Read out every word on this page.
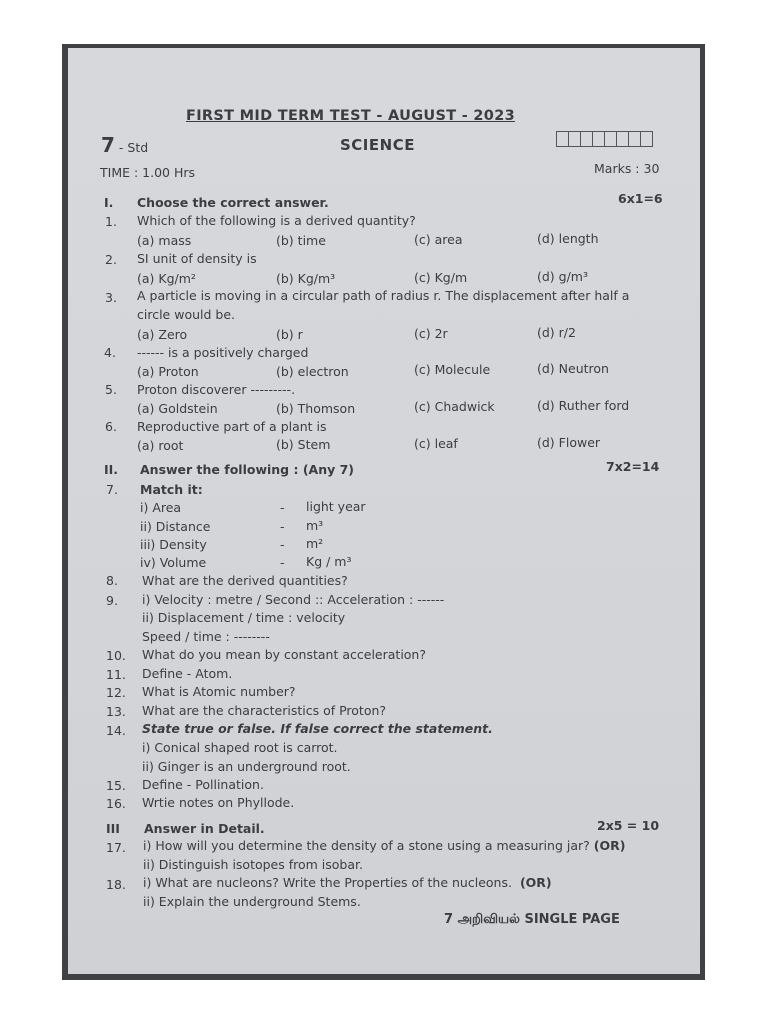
FIRST MID TERM TEST - AUGUST - 2023
7 - Std	SCIENCE
TIME : 1.00 Hrs	Marks : 30
I. Choose the correct answer.	6x1=6
1. Which of the following is a derived quantity?
(a) mass	(b) time	(c) area	(d) length
2. SI unit of density is
(a) Kg/m²	(b) Kg/m³	(c) Kg/m	(d) g/m³
3. A particle is moving in a circular path of radius r. The displacement after half a
circle would be.
(a) Zero	(b) r	(c) 2r	(d) r/2
4. ------ is a positively charged
(a) Proton	(b) electron	(c) Molecule	(d) Neutron
5. Proton discoverer ---------.
(a) Goldstein	(b) Thomson	(c) Chadwick	(d) Ruther ford
6. Reproductive part of a plant is
(a) root	(b) Stem	(c) leaf	(d) Flower
II. Answer the following : (Any 7)	7x2=14
7. Match it:
i) Area	- light year
ii) Distance	- m³
iii) Density	- m²
iv) Volume	- Kg / m³
8. What are the derived quantities?
9. i) Velocity : metre / Second :: Acceleration : ------
ii) Displacement / time : velocity
Speed / time : --------
10. What do you mean by constant acceleration?
11. Define - Atom.
12. What is Atomic number?
13. What are the characteristics of Proton?
14. State true or false. If false correct the statement.
i) Conical shaped root is carrot.
ii) Ginger is an underground root.
15. Define - Pollination.
16. Wrtie notes on Phyllode.
III Answer in Detail.	2x5 = 10
17. i) How will you determine the density of a stone using a measuring jar? (OR)
ii) Distinguish isotopes from isobar.
18. i) What are nucleons? Write the Properties of the nucleons. (OR)
ii) Explain the underground Stems.
7 அறிவியல் SINGLE PAGE
